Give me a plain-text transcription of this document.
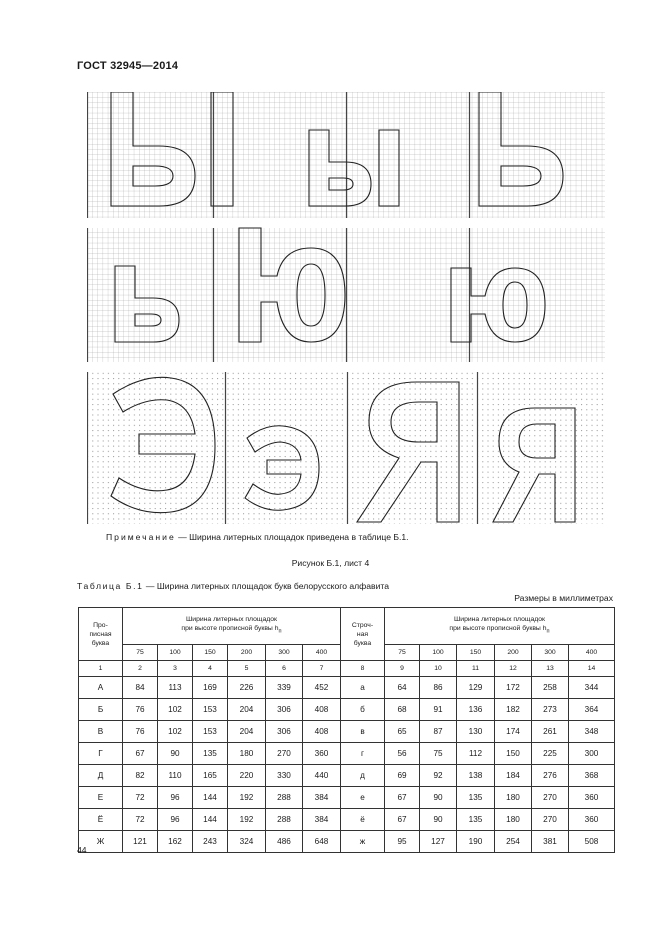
ГОСТ 32945—2014
Примечание — Ширина литерных площадок приведена в таблице Б.1.
Рисунок Б.1, лист 4
Таблица Б.1 — Ширина литерных площадок букв белорусского алфавита
Размеры в миллиметрах
Про-
писная
буква	Ширина литерных площадок
при высоте прописной буквы $h_п$						Строч-
ная
буква	Ширина литерных площадок
при высоте прописной буквы $h_п$
	75	100	150	200	300	400		75	100	150	200	300	400
1	2	3	4	5	6	7	8	9	10	11	12	13	14
А	84	113	169	226	339	452	а	64	86	129	172	258	344
Б	76	102	153	204	306	408	б	68	91	136	182	273	364
В	76	102	153	204	306	408	в	65	87	130	174	261	348
Г	67	90	135	180	270	360	г	56	75	112	150	225	300
Д	82	110	165	220	330	440	д	69	92	138	184	276	368
Е	72	96	144	192	288	384	е	67	90	135	180	270	360
Ё	72	96	144	192	288	384	ё	67	90	135	180	270	360
Ж	121	162	243	324	486	648	ж	95	127	190	254	381	508
44
